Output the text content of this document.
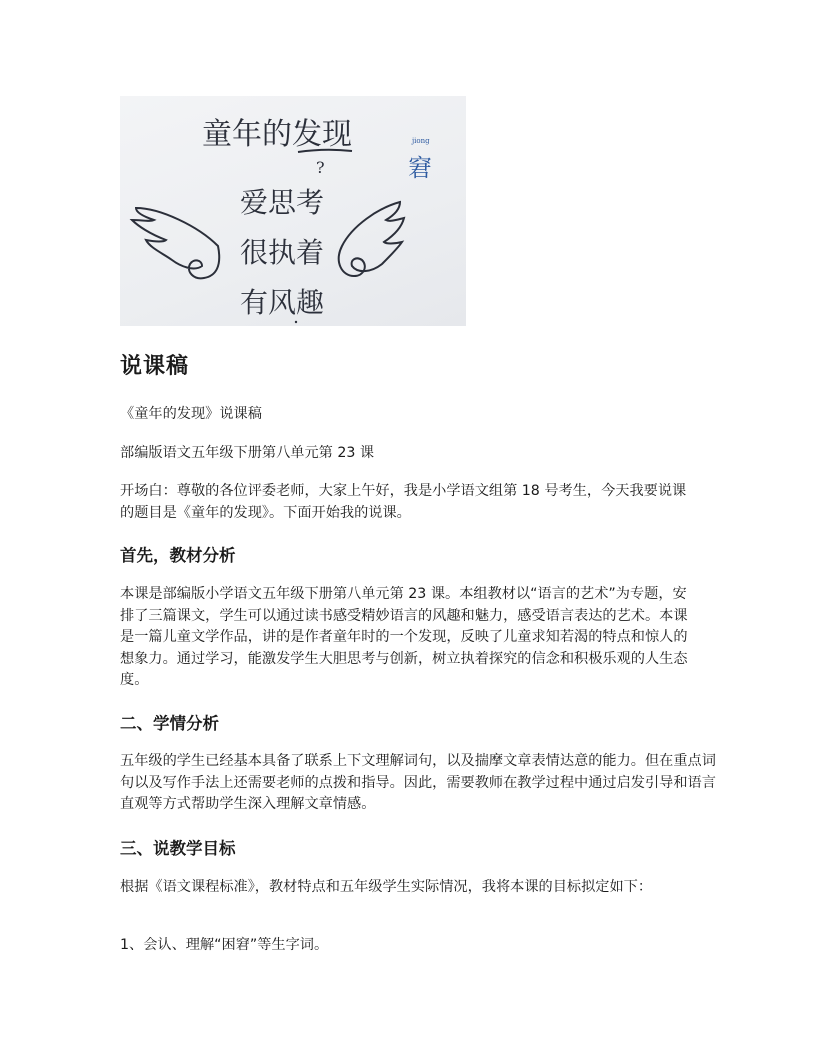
童年的发现
?
jiong
窘
爱思考
很执着
有风趣
说课稿
《童年的发现》说课稿
部编版语文五年级下册第八单元第 23 课
开场白：尊敬的各位评委老师，大家上午好，我是小学语文组第 18 号考生，今天我要说课的题目是《童年的发现》。下面开始我的说课。
首先，教材分析
本课是部编版小学语文五年级下册第八单元第 23 课。本组教材以“语言的艺术”为专题，安排了三篇课文，学生可以通过读书感受精妙语言的风趣和魅力，感受语言表达的艺术。本课是一篇儿童文学作品，讲的是作者童年时的一个发现，反映了儿童求知若渴的特点和惊人的想象力。通过学习，能激发学生大胆思考与创新，树立执着探究的信念和积极乐观的人生态度。
二、学情分析
五年级的学生已经基本具备了联系上下文理解词句，以及揣摩文章表情达意的能力。但在重点词句以及写作手法上还需要老师的点拨和指导。因此，需要教师在教学过程中通过启发引导和语言直观等方式帮助学生深入理解文章情感。
三、说教学目标
根据《语文课程标准》，教材特点和五年级学生实际情况，我将本课的目标拟定如下：
1、会认、理解“困窘”等生字词。
